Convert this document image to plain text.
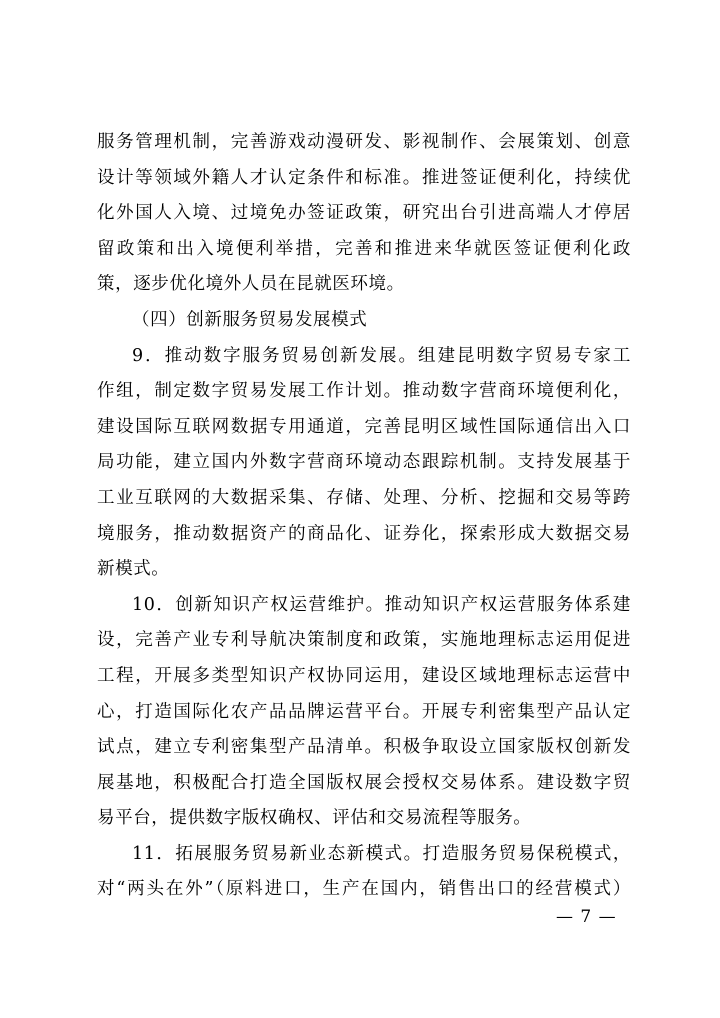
服务管理机制，完善游戏动漫研发、影视制作、会展策划、创意
设计等领域外籍人才认定条件和标准。推进签证便利化，持续优
化外国人入境、过境免办签证政策，研究出台引进高端人才停居
留政策和出入境便利举措，完善和推进来华就医签证便利化政
策，逐步优化境外人员在昆就医环境。
（四）创新服务贸易发展模式
9．推动数字服务贸易创新发展。组建昆明数字贸易专家工
作组，制定数字贸易发展工作计划。推动数字营商环境便利化，
建设国际互联网数据专用通道，完善昆明区域性国际通信出入口
局功能，建立国内外数字营商环境动态跟踪机制。支持发展基于
工业互联网的大数据采集、存储、处理、分析、挖掘和交易等跨
境服务，推动数据资产的商品化、证券化，探索形成大数据交易
新模式。
10．创新知识产权运营维护。推动知识产权运营服务体系建
设，完善产业专利导航决策制度和政策，实施地理标志运用促进
工程，开展多类型知识产权协同运用，建设区域地理标志运营中
心，打造国际化农产品品牌运营平台。开展专利密集型产品认定
试点，建立专利密集型产品清单。积极争取设立国家版权创新发
展基地，积极配合打造全国版权展会授权交易体系。建设数字贸
易平台，提供数字版权确权、评估和交易流程等服务。
11．拓展服务贸易新业态新模式。打造服务贸易保税模式，
对“两头在外”（原料进口，生产在国内，销售出口的经营模式）
— 7 —
